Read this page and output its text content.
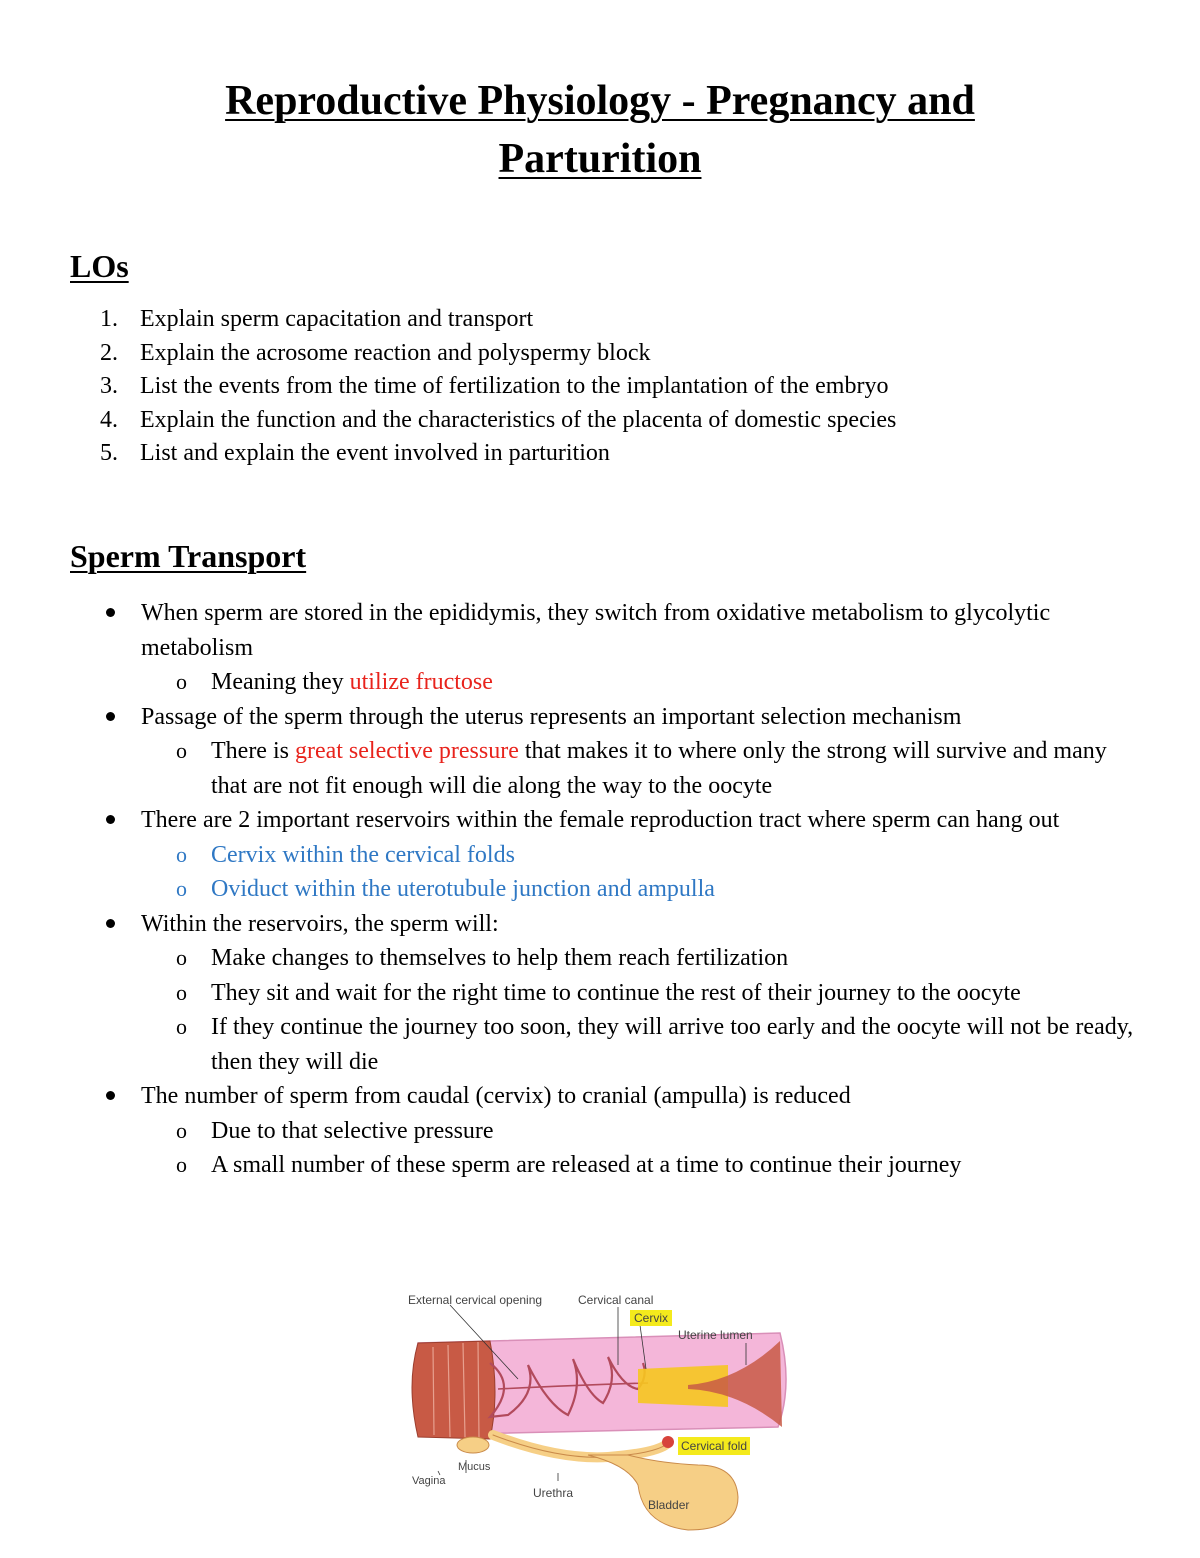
Reproductive Physiology - Pregnancy and
Parturition
LOs
1. Explain sperm capacitation and transport
2. Explain the acrosome reaction and polyspermy block
3. List the events from the time of fertilization to the implantation of the embryo
4. Explain the function and the characteristics of the placenta of domestic species
5. List and explain the event involved in parturition
Sperm Transport
When sperm are stored in the epididymis, they switch from oxidative metabolism to glycolytic metabolism
o Meaning they utilize fructose
Passage of the sperm through the uterus represents an important selection mechanism
o There is great selective pressure that makes it to where only the strong will survive and many that are not fit enough will die along the way to the oocyte
There are 2 important reservoirs within the female reproduction tract where sperm can hang out
o Cervix within the cervical folds
o Oviduct within the uterotubule junction and ampulla
Within the reservoirs, the sperm will:
o Make changes to themselves to help them reach fertilization
o They sit and wait for the right time to continue the rest of their journey to the oocyte
o If they continue the journey too soon, they will arrive too early and the oocyte will not be ready, then they will die
The number of sperm from caudal (cervix) to cranial (ampulla) is reduced
o Due to that selective pressure
o A small number of these sperm are released at a time to continue their journey
External cervical opening	Cervical canal
Cervix
Uterine lumen
Cervical fold
Mucus
Vagina
Urethra
Bladder
